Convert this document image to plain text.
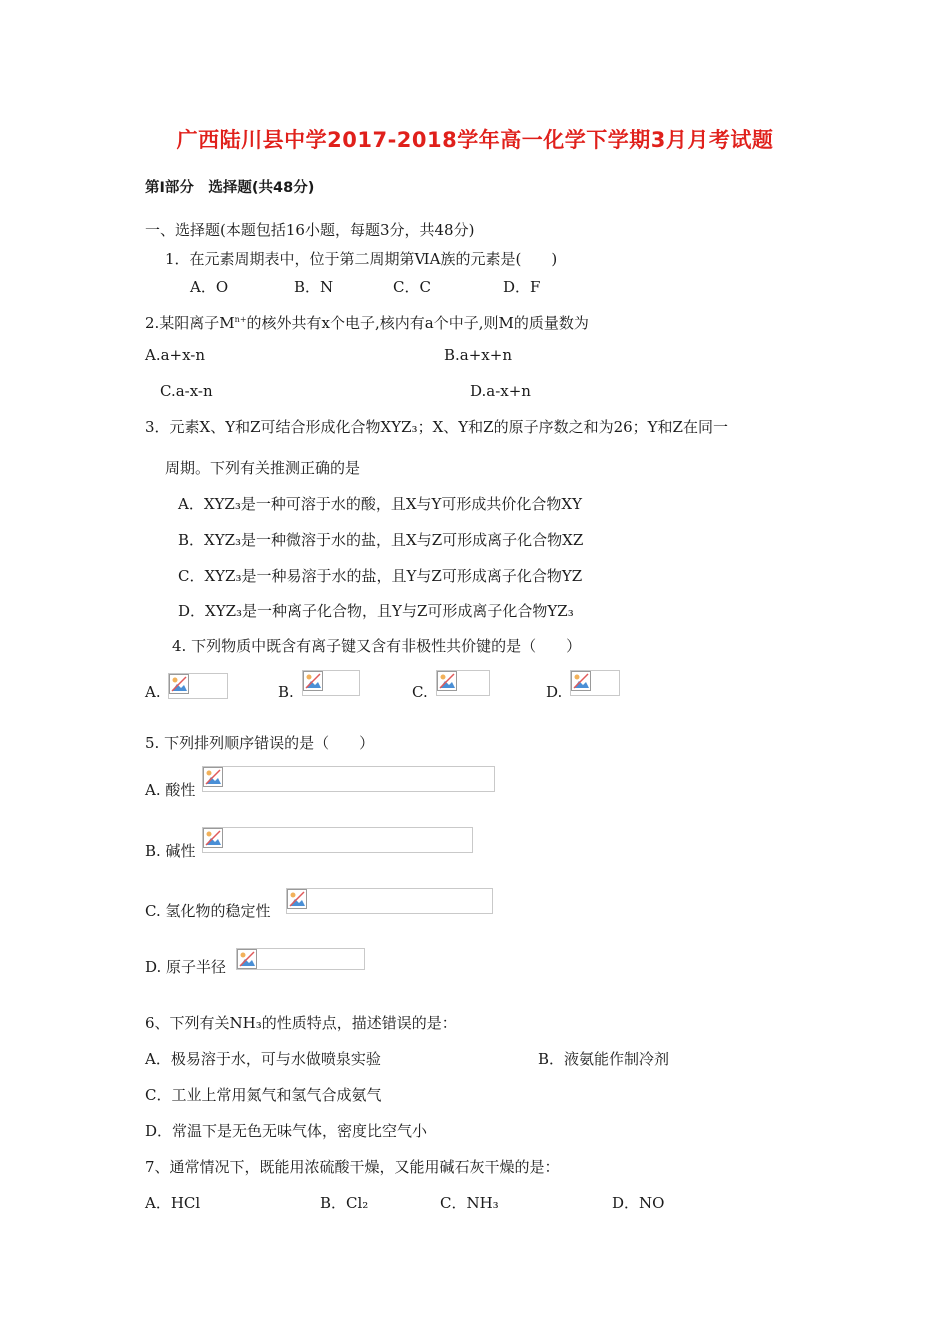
广西陆川县中学2017-2018学年高一化学下学期3月月考试题
第Ⅰ部分　选择题(共48分)
一、选择题(本题包括16小题，每题3分，共48分)
1．在元素周期表中，位于第二周期第ⅥA族的元素是(　　)
A．O	B．N	C．C	D．F
2.某阳离子$M^{n+}$的核外共有x个电子,核内有a个中子,则M的质量数为
A.a+x-n	B.a+x+n
C.a-x-n	D.a-x+n
3．元素X、Y和Z可结合形成化合物XYZ₃；X、Y和Z的原子序数之和为26；Y和Z在同一
周期。下列有关推测正确的是
A．XYZ₃是一种可溶于水的酸，且X与Y可形成共价化合物XY
B．XYZ₃是一种微溶于水的盐，且X与Z可形成离子化合物XZ
C．XYZ₃是一种易溶于水的盐，且Y与Z可形成离子化合物YZ
D．XYZ₃是一种离子化合物，且Y与Z可形成离子化合物YZ₃
4. 下列物质中既含有离子键又含有非极性共价键的是（　　）
A.	B.	C.	D.
5. 下列排列顺序错误的是（　　）
A. 酸性
B. 碱性
C. 氢化物的稳定性
D. 原子半径
6、下列有关NH₃的性质特点，描述错误的是：
A．极易溶于水，可与水做喷泉实验	B．液氨能作制冷剂
C．工业上常用氮气和氢气合成氨气
D．常温下是无色无味气体，密度比空气小
7、通常情况下，既能用浓硫酸干燥，又能用碱石灰干燥的是：
A．HCl	B．Cl₂	C．NH₃	D．NO
